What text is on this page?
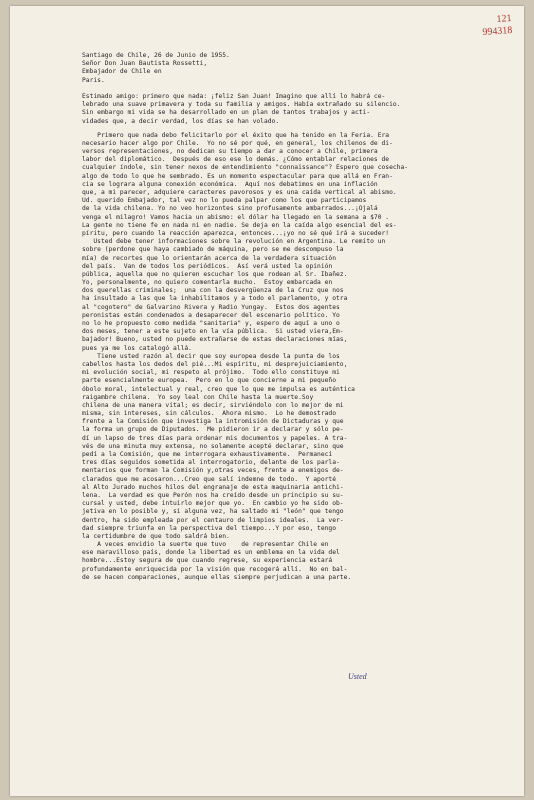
121
994318
Santiago de Chile, 26 de Junio de 1955.
Señor Don Juan Bautista Rossetti,
Embajador de Chile en
Paris.
Estimado amigo: primero que nada: ¡feliz San Juan! Imagino que allí lo habrá ce-
lebrado una suave primavera y toda su familia y amigos. Había extrañado su silencio.
Sin embargo mi vida se ha desarrollado en un plan de tantos trabajos y acti-
vidades que, a decir verdad, los días se han volado.
Primero que nada debo felicitarlo por el éxito que ha tenido en la Feria. Era
necesario hacer algo por Chile.  Yo no sé por qué, en general, los chilenos de di-
versos representaciones, no dedican su tiempo a dar a conocer a Chile, primera
labor del diplomático.  Después de eso ese lo demás. ¿Cómo entablar relaciones de
cualquier índole, sin tener nexos de entendimiento "connaissance"? Espero que cosecha-
algo de todo lo que he sembrado. Es un momento espectacular para que allá en Fran-
cia se lograra alguna conexión económica.  Aquí nos debatimos en una inflación
que, a mi parecer, adquiere caracteres pavorosos y es una caída vertical al abismo.
Ud. querido Embajador, tal vez no lo pueda palpar como los que participamos
de la vida chilena. Yo no veo horizontes sino profusamente ambarrados...¡Ojalá
venga el milagro! Vamos hacia un abismo: el dólar ha llegado en la semana a $70 .
La gente no tiene fe en nada ni en nadie. Se deja en la caída algo esencial del es-
píritu, pero cuando la reacción aparezca, entonces...¡yo no sé qué irá a suceder!
Usted debe tener informaciones sobre la revolución en Argentina. Le remito un
sobre (perdone que haya cambiado de máquina, pero se me descompuso la
mía) de recortes que lo orientarán acerca de la verdadera situación
del país.  Van de todos los periódicos.  Así verá usted la opinión
pública, aquella que no quieren escuchar los que rodean al Sr. Ibañez.
Yo, personalmente, no quiero comentarla mucho.  Estoy embarcada en
dos querellas criminales;  una con la desvergüenza de la Cruz que nos
ha insultado a las que la inhabilitamos y a todo el parlamento, y otra
al "cogotero" de Galvarino Rivera y Radio Yungay.  Estos dos agentes
peronistas están condenados a desaparecer del escenario político. Yo
no lo he propuesto como medida "sanitaria" y, espero de aquí a uno o
dos meses, tener a este sujeto en la vía pública.  Si usted viera,Em-
bajador! Bueno, usted no puede extrañarse de estas declaraciones mías,
pues ya me los catalogó allá.
Tiene usted razón al decir que soy europea desde la punta de los
cabellos hasta los dedos del pié...Mi espíritu, mi desprejuiciamiento,
mi evolución social, mi respeto al prójimo.  Todo ello constituye mi
parte esencialmente europea.  Pero en lo que concierne a mi pequeño
óbolo moral, intelectual y real, creo que lo que me impulsa es auténtica
raigambre chilena.  Yo soy leal con Chile hasta la muerte.Soy
chilena de una manera vital; es decir, sirviéndolo con lo mejor de mi
misma, sin intereses, sin cálculos.  Ahora mismo.  Lo he demostrado
frente a la Comisión que investiga la intromisión de Dictaduras y que
la forma un grupo de Diputados.  Me pidieron ir a declarar y sólo pe-
dí un lapso de tres días para ordenar mis documentos y papeles. A tra-
vés de una minuta muy extensa, no solamente acepté declarar, sino que
pedí a la Comisión, que me interrogara exhaustivamente.  Permanecí
tres días seguidos sometida al interrogatorio, delante de los parla-
mentarios que forman la Comisión y,otras veces, frente a enemigos de-
clarados que me acosaron...Creo que salí indemne de todo.  Y aporté
al Alto Jurado muchos hilos del engranaje de esta maquinaria antichi-
lena.  La verdad es que Perón nos ha creído desde un principio su su-
cursal y usted, debe intuirlo mejor que yo.  En cambio yo he sido ob-
jetiva en lo posible y, si alguna vez, ha saltado mi "león" que tengo
dentro, ha sido empleada por el centauro de limpios ideales.  La ver-
dad siempre triunfa en la perspectiva del tiempo...Y por eso, tengo
la certidumbre de que todo saldrá bien.
A veces envidio la suerte que tuvo    de representar Chile en
ese maravilloso país, donde la libertad es un emblema en la vida del
hombre...Estoy segura de que cuando regrese, su experiencia estará
profundamente enriquecida por la visión que recogerá allí.  No en bal-
de se hacen comparaciones, aunque ellas siempre perjudican a una parte.
Usted
